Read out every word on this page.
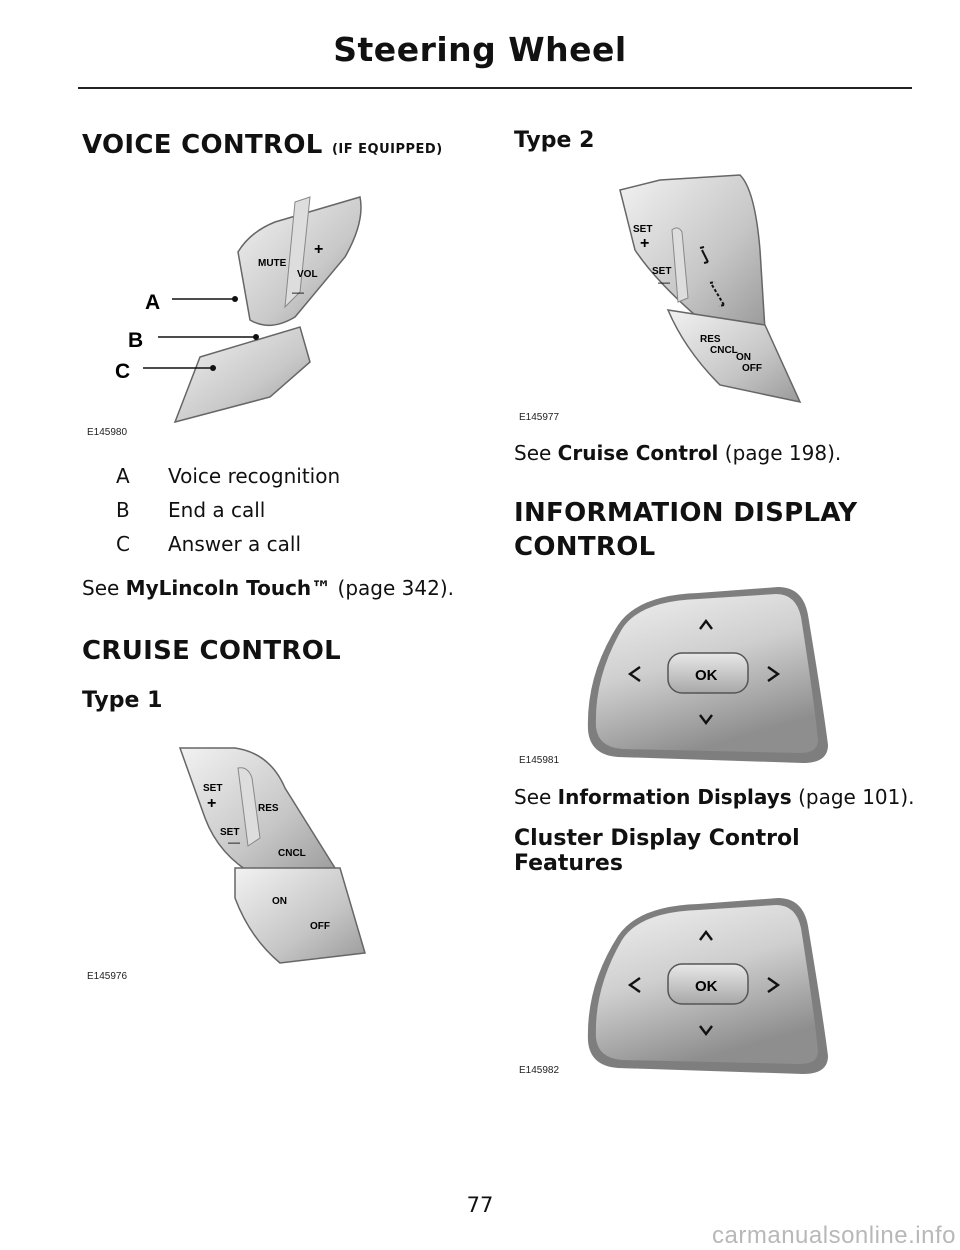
Steering Wheel
VOICE CONTROL (IF EQUIPPED)
MUTE
VOL
+
—
A
B
C
E145980
A Voice recognition
B End a call
C Answer a call
See MyLincoln Touch™ (page 342).
CRUISE CONTROL
Type 1
SET
+
SET
—
RES
CNCL
ON
OFF
E145976
Type 2
SET
+
SET
—
RES
CNCL
ON
OFF
E145977
See Cruise Control (page 198).
INFORMATION DISPLAY
CONTROL
OK
E145981
See Information Displays (page 101).
Cluster Display Control
Features
OK
E145982
77
carmanualsonline.info
